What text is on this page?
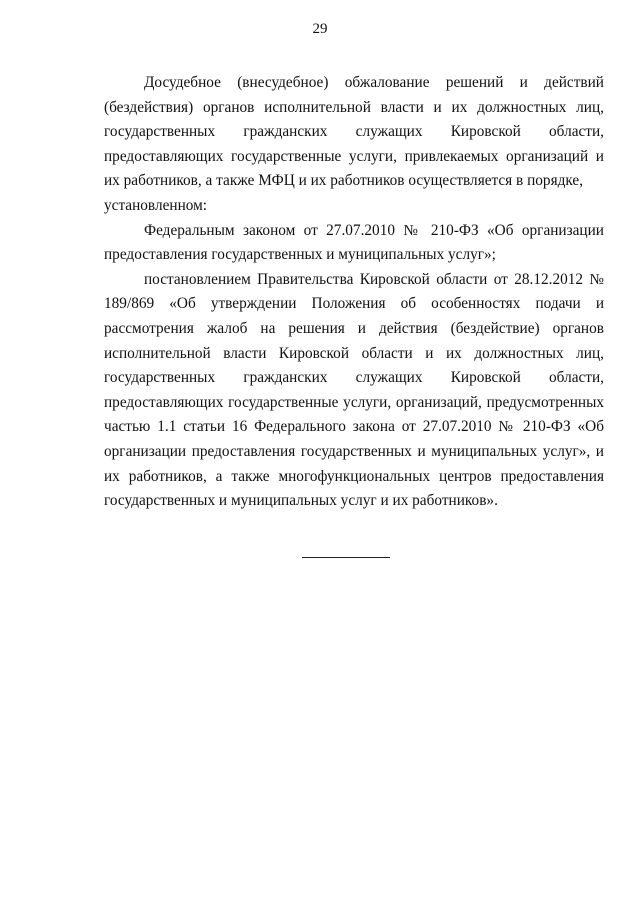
29

Досудебное (внесудебное) обжалование решений и действий (бездействия) органов исполнительной власти и их должностных лиц, государственных гражданских служащих Кировской области, предоставляющих государственные услуги, привлекаемых организаций и их работников, а также МФЦ и их работников осуществляется в порядке,

установленном:

Федеральным законом от 27.07.2010 № 210-ФЗ «Об организации предоставления государственных и муниципальных услуг»;

постановлением Правительства Кировской области от 28.12.2012 № 189/869 «Об утверждении Положения об особенностях подачи и рассмотрения жалоб на решения и действия (бездействие) органов исполнительной власти Кировской области и их должностных лиц, государственных гражданских служащих Кировской области, предоставляющих государственные услуги, организаций, предусмотренных частью 1.1 статьи 16 Федерального закона от 27.07.2010 № 210-ФЗ «Об организации предоставления государственных и муниципальных услуг», и их работников, а также многофункциональных центров предоставления государственных и муниципальных услуг и их работников».
